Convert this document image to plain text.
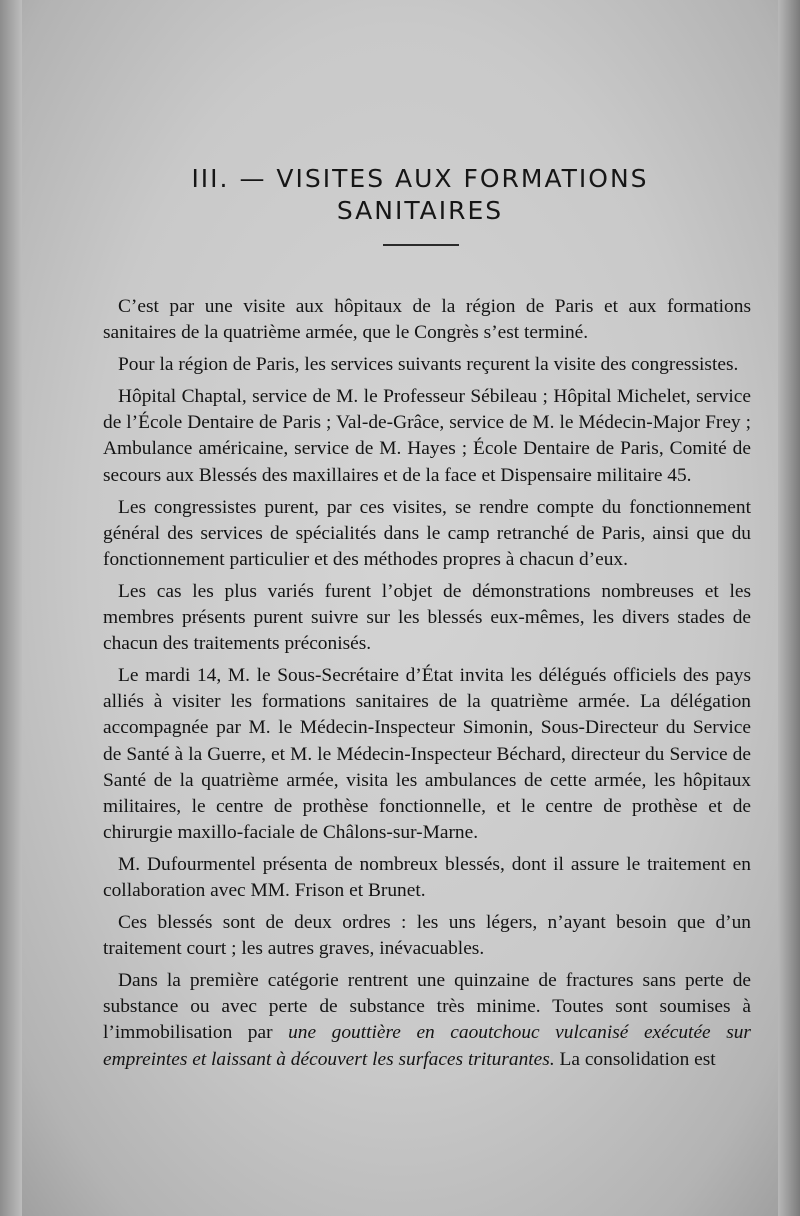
III. — VISITES AUX FORMATIONS
SANITAIRES

C’est par une visite aux hôpitaux de la région de Paris et aux formations sanitaires de la quatrième armée, que le Congrès s’est terminé.

Pour la région de Paris, les services suivants reçurent la visite des congressistes.

Hôpital Chaptal, service de M. le Professeur Sébileau ; Hôpital Michelet, service de l’École Dentaire de Paris ; Val-de-Grâce, service de M. le Médecin-Major Frey ; Ambulance américaine, service de M. Hayes ; École Dentaire de Paris, Comité de secours aux Blessés des maxillaires et de la face et Dispensaire militaire 45.

Les congressistes purent, par ces visites, se rendre compte du fonctionnement général des services de spécialités dans le camp retranché de Paris, ainsi que du fonctionnement particulier et des méthodes propres à chacun d’eux.

Les cas les plus variés furent l’objet de démonstrations nombreuses et les membres présents purent suivre sur les blessés eux-mêmes, les divers stades de chacun des traitements préconisés.

Le mardi 14, M. le Sous-Secrétaire d’État invita les délégués officiels des pays alliés à visiter les formations sanitaires de la quatrième armée. La délégation accompagnée par M. le Médecin-Inspecteur Simonin, Sous-Directeur du Service de Santé à la Guerre, et M. le Médecin-Inspecteur Béchard, directeur du Service de Santé de la quatrième armée, visita les ambulances de cette armée, les hôpitaux militaires, le centre de prothèse fonctionnelle, et le centre de prothèse et de chirurgie maxillo-faciale de Châlons-sur-Marne.

M. Dufourmentel présenta de nombreux blessés, dont il assure le traitement en collaboration avec MM. Frison et Brunet.

Ces blessés sont de deux ordres : les uns légers, n’ayant besoin que d’un traitement court ; les autres graves, inévacuables.

Dans la première catégorie rentrent une quinzaine de fractures sans perte de substance ou avec perte de substance très minime. Toutes sont soumises à l’immobilisation par une gouttière en caoutchouc vulcanisé exécutée sur empreintes et laissant à découvert les surfaces triturantes. La consolidation est
